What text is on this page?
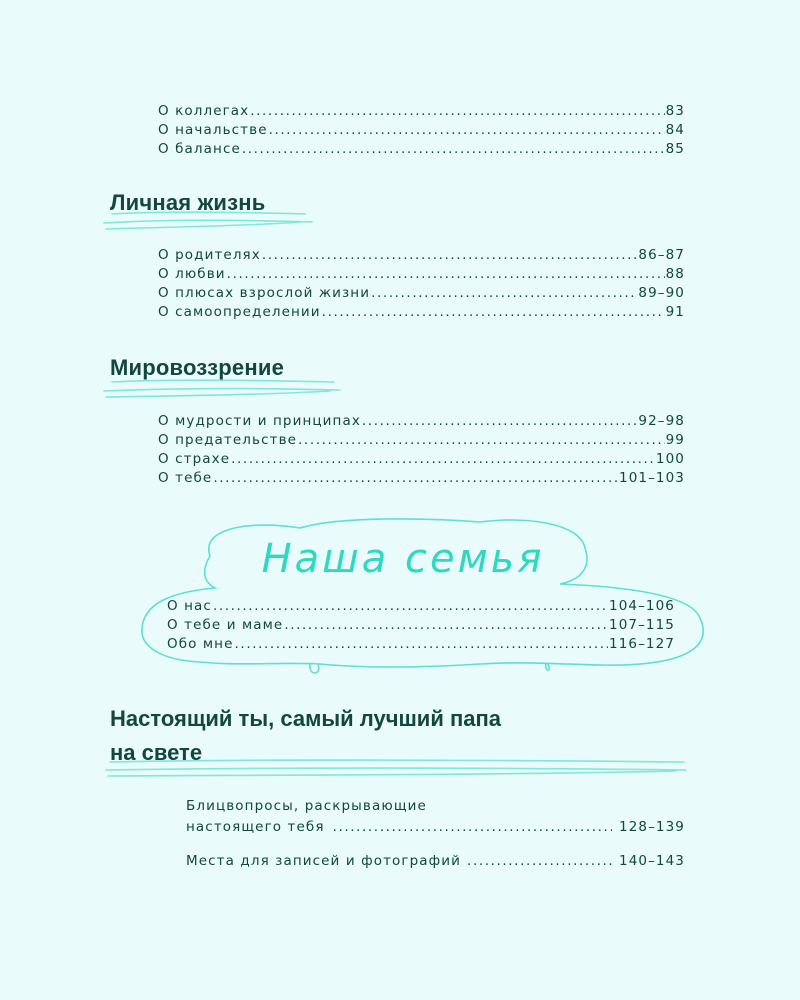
О коллегах .....	83
О начальстве .....	84
О балансе .....	85
Личная жизнь
О родителях .....	86–87
О любви .....	88
О плюсах взрослой жизни .....	89–90
О самоопределении .....	91
Мировоззрение
О мудрости и принципах .....	92–98
О предательстве .....	99
О страхе .....	100
О тебе .....	101–103
Наша семья
О нас .....	104–106
О тебе и маме .....	107–115
Обо мне .....	116–127
Настоящий ты, самый лучший папа
на свете
Блицвопросы, раскрывающие
настоящего тебя .....	128–139
Места для записей и фотографий .....	140–143
